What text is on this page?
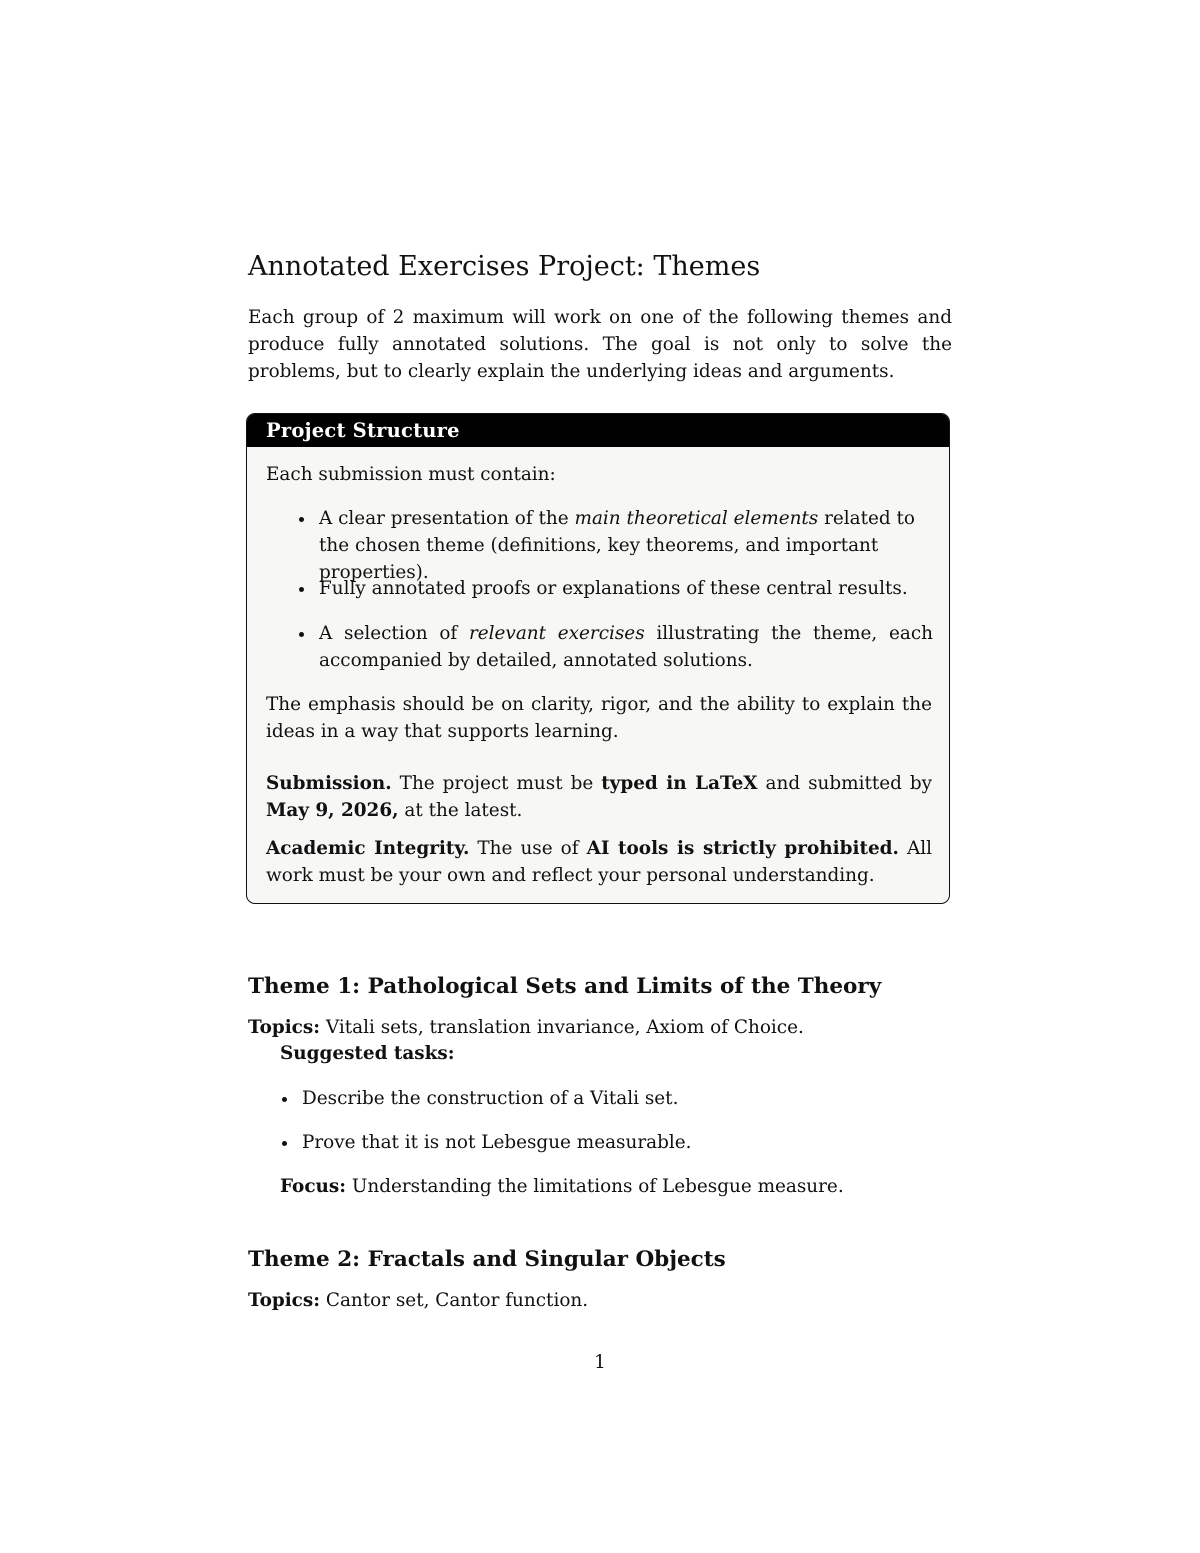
Annotated Exercises Project: Themes

Each group of 2 maximum will work on one of the following themes and produce fully annotated solutions. The goal is not only to solve the problems, but to clearly explain the underlying ideas and arguments.

Project Structure

Each submission must contain:

A clear presentation of the main theoretical elements related to the chosen theme (definitions, key theorems, and important properties).

Fully annotated proofs or explanations of these central results.

A selection of relevant exercises illustrating the theme, each accompanied by detailed, annotated solutions.

The emphasis should be on clarity, rigor, and the ability to explain the ideas in a way that supports learning.

Submission. The project must be typed in LaTeX and submitted by May 9, 2026, at the latest.

Academic Integrity. The use of AI tools is strictly prohibited. All work must be your own and reflect your personal understanding.

Theme 1: Pathological Sets and Limits of the Theory

Topics: Vitali sets, translation invariance, Axiom of Choice.

Suggested tasks:

Describe the construction of a Vitali set.

Prove that it is not Lebesgue measurable.

Focus: Understanding the limitations of Lebesgue measure.

Theme 2: Fractals and Singular Objects

Topics: Cantor set, Cantor function.

1
